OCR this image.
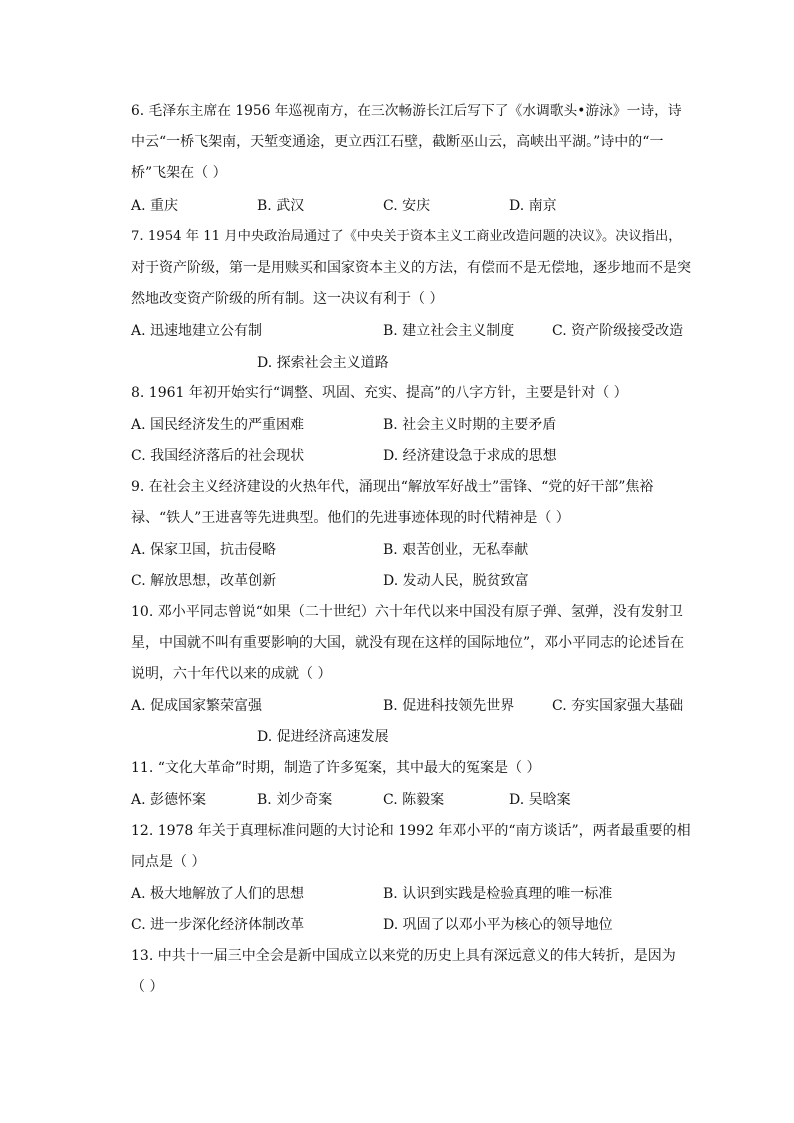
6. 毛泽东主席在 1956 年巡视南方，在三次畅游长江后写下了《水调歌头•游泳》一诗，诗
中云“一桥飞架南，天堑变通途，更立西江石壁，截断巫山云，高峡出平湖。”诗中的“一
桥”飞架在（ ）
A. 重庆	B. 武汉	C. 安庆	D. 南京
7. 1954 年 11 月中央政治局通过了《中央关于资本主义工商业改造问题的决议》。决议指出，
对于资产阶级，第一是用赎买和国家资本主义的方法，有偿而不是无偿地，逐步地而不是突
然地改变资产阶级的所有制。这一决议有利于（ ）
A. 迅速地建立公有制	B. 建立社会主义制度	C. 资产阶级接受改造
D. 探索社会主义道路
8. 1961 年初开始实行“调整、巩固、充实、提高”的八字方针，主要是针对（ ）
A. 国民经济发生的严重困难	B. 社会主义时期的主要矛盾
C. 我国经济落后的社会现状	D. 经济建设急于求成的思想
9. 在社会主义经济建设的火热年代，涌现出“解放军好战士”雷锋、“党的好干部”焦裕
禄、“铁人”王进喜等先进典型。他们的先进事迹体现的时代精神是（ ）
A. 保家卫国，抗击侵略	B. 艰苦创业，无私奉献
C. 解放思想，改革创新	D. 发动人民，脱贫致富
10. 邓小平同志曾说“如果（二十世纪）六十年代以来中国没有原子弹、氢弹，没有发射卫
星，中国就不叫有重要影响的大国，就没有现在这样的国际地位”，邓小平同志的论述旨在
说明，六十年代以来的成就（ ）
A. 促成国家繁荣富强	B. 促进科技领先世界	C. 夯实国家强大基础
D. 促进经济高速发展
11. “文化大革命”时期，制造了许多冤案，其中最大的冤案是（ ）
A. 彭德怀案	B. 刘少奇案	C. 陈毅案	D. 吴晗案
12. 1978 年关于真理标准问题的大讨论和 1992 年邓小平的“南方谈话”，两者最重要的相
同点是（ ）
A. 极大地解放了人们的思想	B. 认识到实践是检验真理的唯一标准
C. 进一步深化经济体制改革	D. 巩固了以邓小平为核心的领导地位
13. 中共十一届三中全会是新中国成立以来党的历史上具有深远意义的伟大转折，是因为
（ ）
